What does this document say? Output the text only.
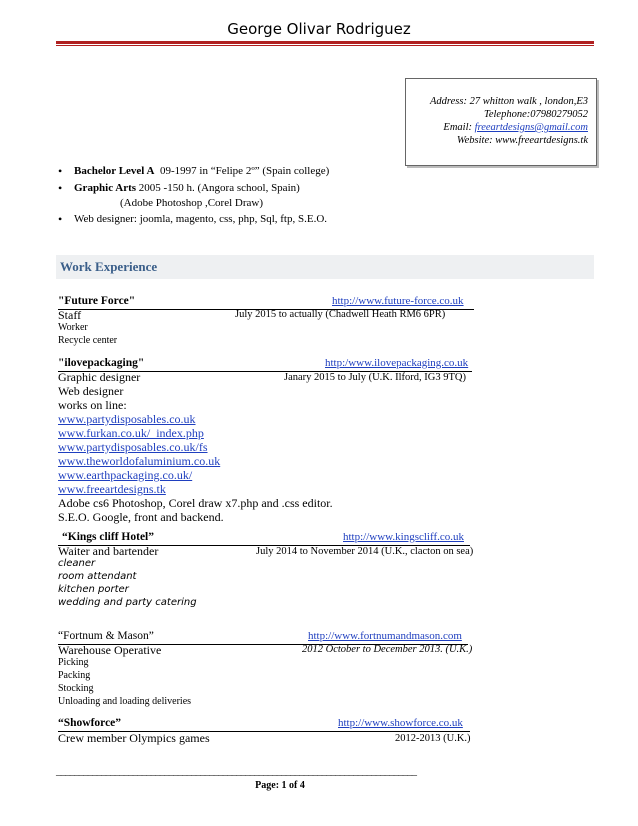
George Olivar Rodriguez
Address: 27 whitton walk , london,E3
Telephone:07980279052
Email: freeartdesigns@gmail.com
Website: www.freeartdesigns.tk
• Bachelor Level A 09-1997 in “Felipe 2º” (Spain college)
• Graphic Arts 2005 -150 h. (Angora school, Spain)
(Adobe Photoshop ,Corel Draw)
• Web designer: joomla, magento, css, php, Sql, ftp, S.E.O.
Work Experience
"Future Force"	http://www.future-force.co.uk
Staff	July 2015 to actually (Chadwell Heath RM6 6PR)
Worker
Recycle center
"ilovepackaging"	http:/www.ilovepackaging.co.uk
Graphic designer	Janary 2015 to July (U.K. Ilford, IG3 9TQ)
Web designer
works on line:
www.partydisposables.co.uk
www.furkan.co.uk/_index.php
www.partydisposables.co.uk/fs
www.theworldofaluminium.co.uk
www.earthpackaging.co.uk/
www.freeartdesigns.tk
Adobe cs6 Photoshop, Corel draw x7.php and .css editor.
S.E.O. Google, front and backend.
“Kings cliff Hotel”	http://www.kingscliff.co.uk
Waiter and bartender	July 2014 to November 2014 (U.K., clacton on sea)
cleaner
room attendant
kitchen porter
wedding and party catering
“Fortnum & Mason”	http://www.fortnumandmason.com
Warehouse Operative	2012 October to December 2013. (U.K.)
Picking
Packing
Stocking
Unloading and loading deliveries
“Showforce”	http://www.showforce.co.uk
Crew member Olympics games	2012-2013 (U.K.)
________________________________________________________________________________
Page: 1 of 4
